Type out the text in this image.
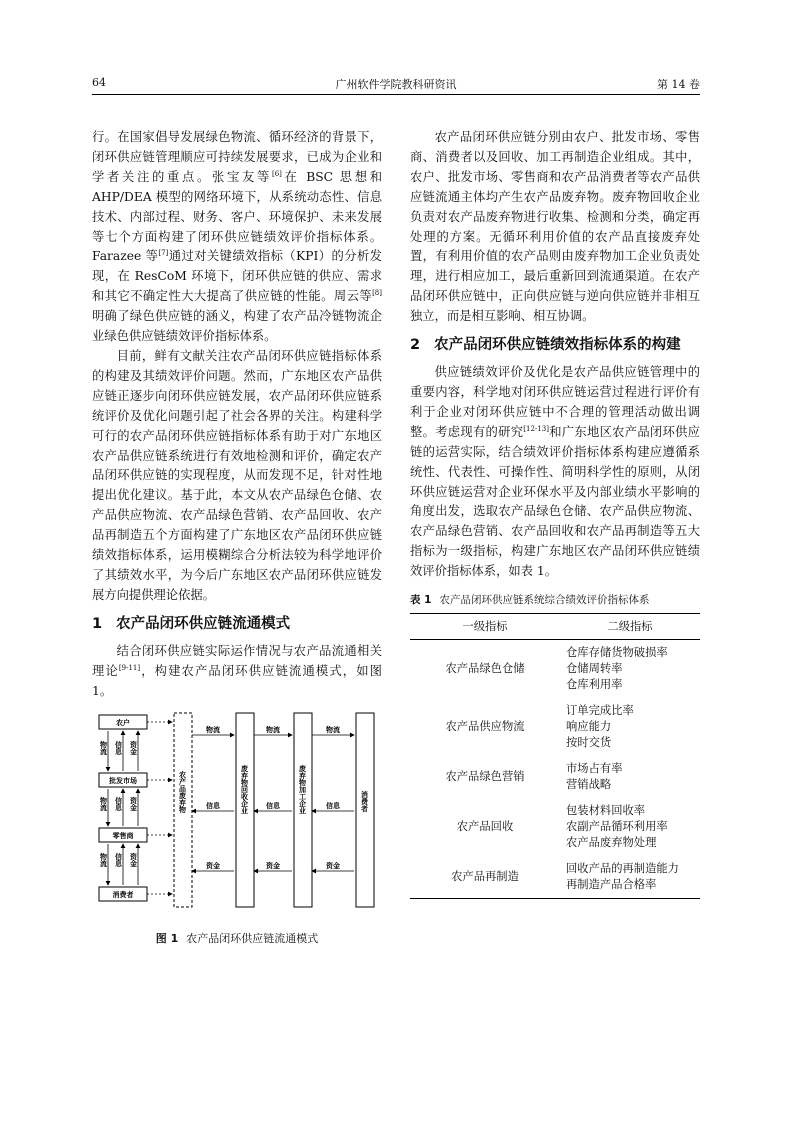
64	广州软件学院教科研资讯	第 14 卷

行。在国家倡导发展绿色物流、循环经济的背景下，闭环供应链管理顺应可持续发展要求，已成为企业和学者关注的重点。张宝友等[6]在 BSC 思想和 AHP/DEA 模型的网络环境下，从系统动态性、信息技术、内部过程、财务、客户、环境保护、未来发展等七个方面构建了闭环供应链绩效评价指标体系。Farazee 等[7]通过对关键绩效指标（KPI）的分析发现，在 ResCoM 环境下，闭环供应链的供应、需求和其它不确定性大大提高了供应链的性能。周云等[8]明确了绿色供应链的涵义，构建了农产品冷链物流企业绿色供应链绩效评价指标体系。

目前，鲜有文献关注农产品闭环供应链指标体系的构建及其绩效评价问题。然而，广东地区农产品供应链正逐步向闭环供应链发展，农产品闭环供应链系统评价及优化问题引起了社会各界的关注。构建科学可行的农产品闭环供应链指标体系有助于对广东地区农产品供应链系统进行有效地检测和评价，确定农产品闭环供应链的实现程度，从而发现不足，针对性地提出优化建议。基于此，本文从农产品绿色仓储、农产品供应物流、农产品绿色营销、农产品回收、农产品再制造五个方面构建了广东地区农产品闭环供应链绩效指标体系，运用模糊综合分析法较为科学地评价了其绩效水平，为今后广东地区农产品闭环供应链发展方向提供理论依据。

1 农产品闭环供应链流通模式

结合闭环供应链实际运作情况与农产品流通相关理论[9-11]，构建农产品闭环供应链流通模式，如图 1。

农户
批发市场
零售商
消费者
物流 信息 资金
物流 信息 资金
物流 信息 资金
农产品废弃物	废弃物回收企业	废弃物加工企业	消费者
物流	物流	物流
信息	信息	信息
资金	资金	资金
图 1 农产品闭环供应链流通模式

农产品闭环供应链分别由农户、批发市场、零售商、消费者以及回收、加工再制造企业组成。其中，农户、批发市场、零售商和农产品消费者等农产品供应链流通主体均产生农产品废弃物。废弃物回收企业负责对农产品废弃物进行收集、检测和分类，确定再处理的方案。无循环利用价值的农产品直接废弃处置，有利用价值的农产品则由废弃物加工企业负责处理，进行相应加工，最后重新回到流通渠道。在农产品闭环供应链中，正向供应链与逆向供应链并非相互独立，而是相互影响、相互协调。

2 农产品闭环供应链绩效指标体系的构建

供应链绩效评价及优化是农产品供应链管理中的重要内容，科学地对闭环供应链运营过程进行评价有利于企业对闭环供应链中不合理的管理活动做出调整。考虑现有的研究[12-13]和广东地区农产品闭环供应链的运营实际，结合绩效评价指标体系构建应遵循系统性、代表性、可操作性、简明科学性的原则，从闭环供应链运营对企业环保水平及内部业绩水平影响的角度出发，选取农产品绿色仓储、农产品供应物流、农产品绿色营销、农产品回收和农产品再制造等五大指标为一级指标，构建广东地区农产品闭环供应链绩效评价指标体系，如表 1。

表 1 农产品闭环供应链系统综合绩效评价指标体系
一级指标	二级指标
农产品绿色仓储	仓库存储货物破损率
仓储周转率
仓库利用率

农产品供应物流	订单完成比率
响应能力
按时交货

农产品绿色营销	市场占有率
营销战略

农产品回收	包装材料回收率
农副产品循环利用率
农产品废弃物处理

农产品再制造	回收产品的再制造能力
再制造产品合格率
